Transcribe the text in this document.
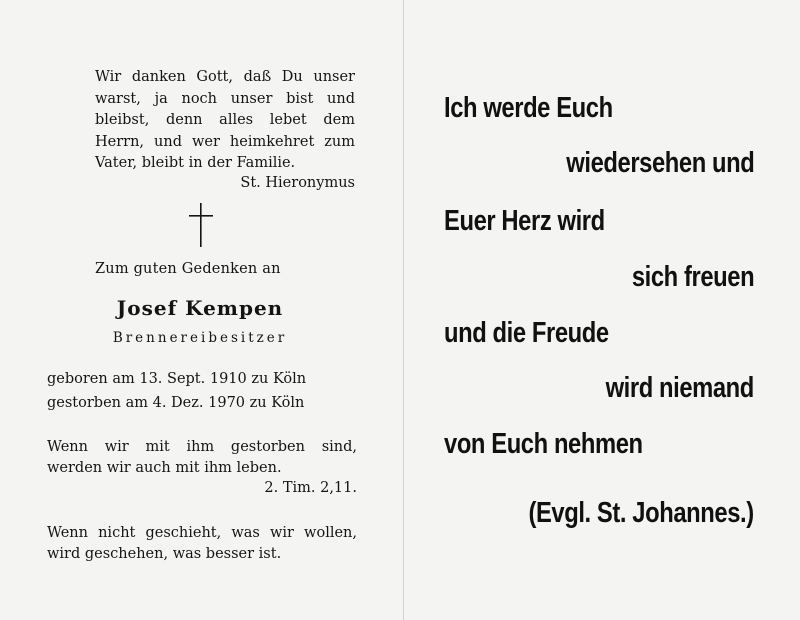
Wir danken Gott, daß Du unser
warst, ja noch unser bist und
bleibst, denn alles lebet dem
Herrn, und wer heimkehret zum
Vater, bleibt in der Familie.
St. Hieronymus
Zum guten Gedenken an
Josef Kempen
Brennereibesitzer
geboren am 13. Sept. 1910 zu Köln
gestorben am 4. Dez. 1970 zu Köln
Wenn wir mit ihm gestorben sind,
werden wir auch mit ihm leben.
2. Tim. 2,11.
Wenn nicht geschieht, was wir wollen,
wird geschehen, was besser ist.
Ich werde Euch
wiedersehen und
Euer Herz wird
sich freuen
und die Freude
wird niemand
von Euch nehmen
(Evgl. St. Johannes.)
